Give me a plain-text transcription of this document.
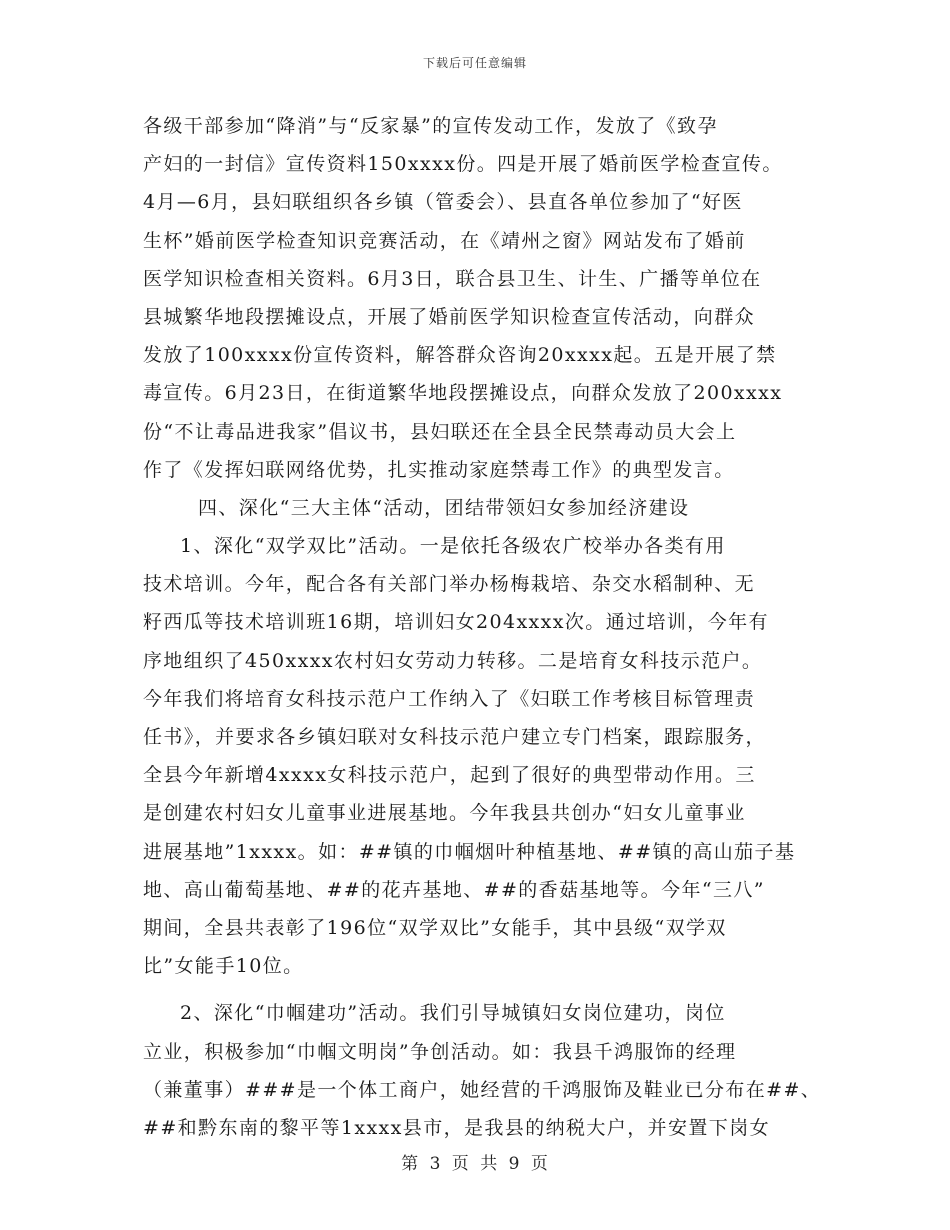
下载后可任意编辑
各级干部参加“降消”与“反家暴”的宣传发动工作，发放了《致孕
产妇的一封信》宣传资料150xxxx份。四是开展了婚前医学检查宣传。
4月—6月，县妇联组织各乡镇（管委会）、县直各单位参加了“好医
生杯”婚前医学检查知识竞赛活动，在《靖州之窗》网站发布了婚前
医学知识检查相关资料。6月3日，联合县卫生、计生、广播等单位在
县城繁华地段摆摊设点，开展了婚前医学知识检查宣传活动，向群众
发放了100xxxx份宣传资料，解答群众咨询20xxxx起。五是开展了禁
毒宣传。6月23日，在街道繁华地段摆摊设点，向群众发放了200xxxx
份“不让毒品进我家”倡议书，县妇联还在全县全民禁毒动员大会上
作了《发挥妇联网络优势，扎实推动家庭禁毒工作》的典型发言。
四、深化“三大主体“活动，团结带领妇女参加经济建设
1、深化“双学双比”活动。一是依托各级农广校举办各类有用
技术培训。今年，配合各有关部门举办杨梅栽培、杂交水稻制种、无
籽西瓜等技术培训班16期，培训妇女204xxxx次。通过培训，今年有
序地组织了450xxxx农村妇女劳动力转移。二是培育女科技示范户。
今年我们将培育女科技示范户工作纳入了《妇联工作考核目标管理责
任书》，并要求各乡镇妇联对女科技示范户建立专门档案，跟踪服务，
全县今年新增4xxxx女科技示范户，起到了很好的典型带动作用。三
是创建农村妇女儿童事业进展基地。今年我县共创办“妇女儿童事业
进展基地”1xxxx。如：##镇的巾帼烟叶种植基地、##镇的高山茄子基
地、高山葡萄基地、##的花卉基地、##的香菇基地等。今年“三八”
期间，全县共表彰了196位“双学双比”女能手，其中县级“双学双
比”女能手10位。
2、深化“巾帼建功”活动。我们引导城镇妇女岗位建功，岗位
立业，积极参加“巾帼文明岗”争创活动。如：我县千鸿服饰的经理
（兼董事）###是一个体工商户，她经营的千鸿服饰及鞋业已分布在##、
##和黔东南的黎平等1xxxx县市，是我县的纳税大户，并安置下岗女
第 3 页 共 9 页
